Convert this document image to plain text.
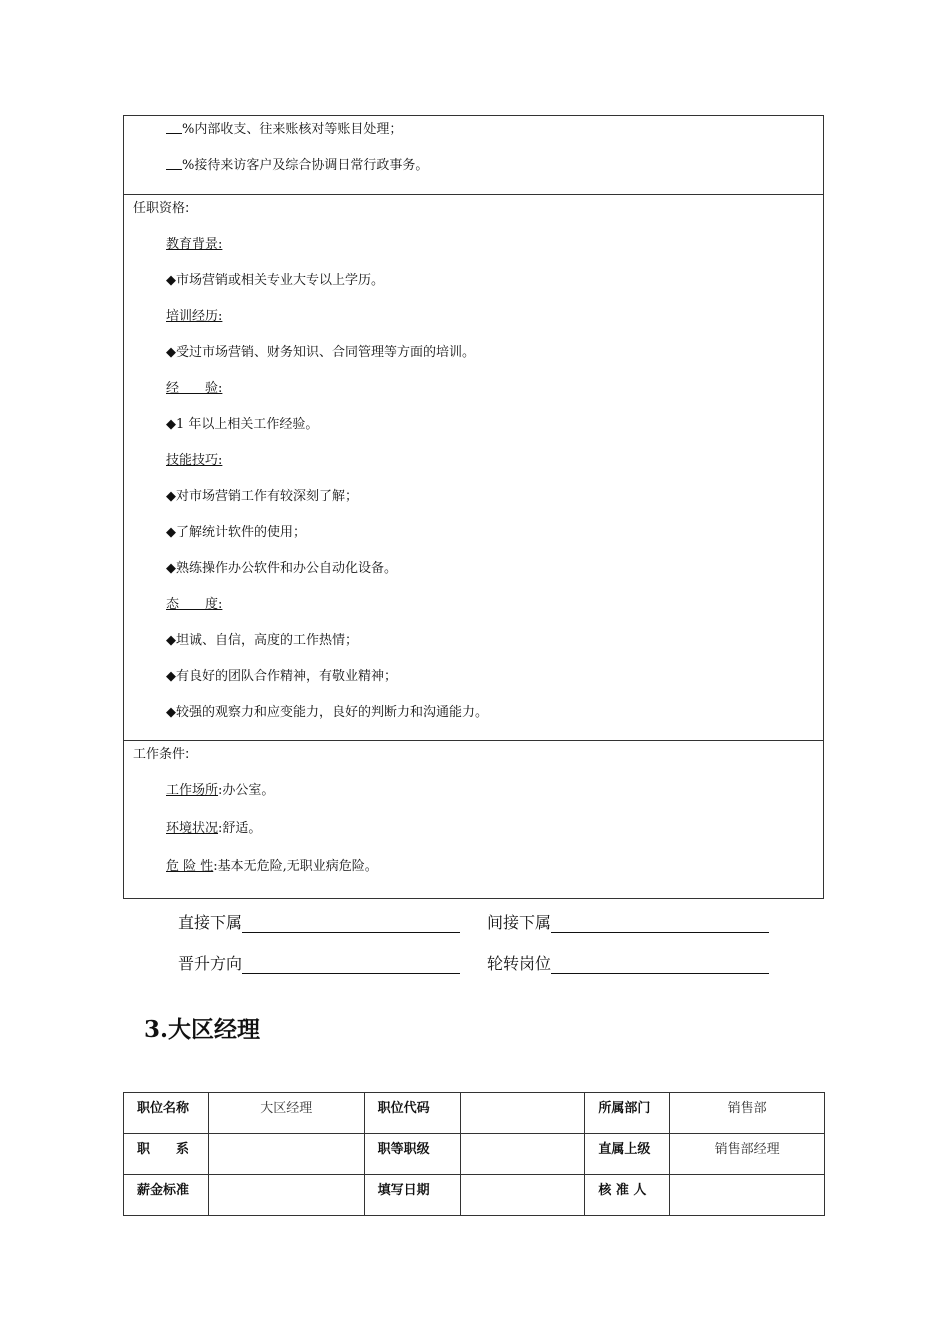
%内部收支、往来账核对等账目处理；
%接待来访客户及综合协调日常行政事务。
任职资格:
教育背景:
◆市场营销或相关专业大专以上学历。
培训经历:
◆受过市场营销、财务知识、合同管理等方面的培训。
经　　验:
◆1 年以上相关工作经验。
技能技巧:
◆对市场营销工作有较深刻了解；
◆了解统计软件的使用；
◆熟练操作办公软件和办公自动化设备。
态　　度:
◆坦诚、自信，高度的工作热情；
◆有良好的团队合作精神，有敬业精神；
◆较强的观察力和应变能力，良好的判断力和沟通能力。
工作条件:
工作场所:办公室。
环境状况:舒适。
危 险 性:基本无危险,无职业病危险。
直接下属	间接下属
晋升方向	轮转岗位
3.大区经理
职位名称	大区经理	职位代码		所属部门	销售部
职　　系		职等职级		直属上级	销售部经理
薪金标准		填写日期		核 准 人	
